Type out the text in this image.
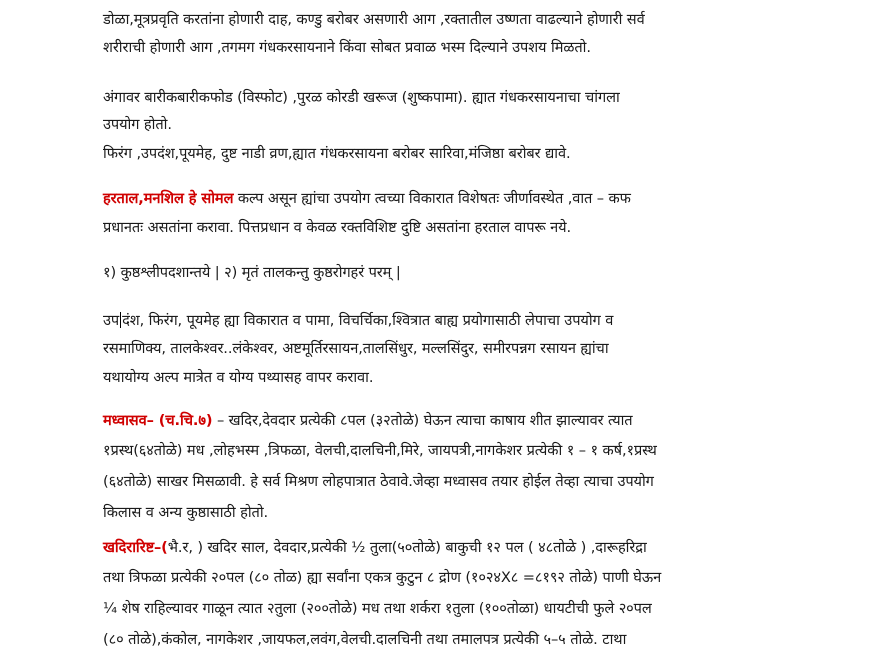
डोळा,मूत्रप्रवृति करतांना होणारी दाह, कण्डु बरोबर असणारी आग ,रक्तातील उष्णता वाढल्याने होणारी सर्व
शरीराची होणारी आग ,तगमग गंधकरसायनाने किंवा सोबत प्रवाळ भस्म दिल्याने उपशय मिळतो.
अंगावर बारीकबारीकफोड (विस्फोट) ,पुरळ कोरडी खरूज (शुष्कपामा). ह्यात गंधकरसायनाचा चांगला
उपयोग होतो.
फिरंग ,उपदंश,पूयमेह, दुष्ट नाडी व्रण,ह्यात गंधकरसायना बरोबर सारिवा,मंजिष्ठा बरोबर द्यावे.
हरताल,मनशिल हे सोमल कल्प असून ह्यांचा उपयोग त्वच्या विकारात विशेषतः जीर्णावस्थेत ,वात – कफ
प्रधानतः असतांना करावा. पित्तप्रधान व केवळ रक्तविशिष्ट दुष्टि असतांना हरताल वापरू नये.
१) कुष्ठश्लीपदशान्तये | २) मृतं तालकन्तु कुष्ठरोगहरं परम् |
उप दंश, फिरंग, पूयमेह ह्या विकारात व पामा, विचर्चिका,श्वित्रात बाह्य प्रयोगासाठी लेपाचा उपयोग व
रसमाणिक्य, तालकेश्वर..लंकेश्वर, अष्टमूर्तिरसायन,तालसिंधुर, मल्लसिंदुर, समीरपन्नग रसायन ह्यांचा
यथायोग्य अल्प मात्रेत व योग्य पथ्यासह वापर करावा.
मध्वासव– (च.चि.७) – खदिर,देवदार प्रत्येकी ८पल (३२तोळे) घेऊन त्याचा काषाय शीत झाल्यावर त्यात
१प्रस्थ(६४तोळे) मध ,लोहभस्म ,त्रिफळा, वेलची,दालचिनी,मिरे, जायपत्री,नागकेशर प्रत्येकी १ – १ कर्ष,१प्रस्थ
(६४तोळे) साखर मिसळावी. हे सर्व मिश्रण लोहपात्रात ठेवावे.जेव्हा मध्वासव तयार होईल तेव्हा त्याचा उपयोग
किलास व अन्य कुष्ठासाठी होतो.
खदिरारिष्ट–(भै.र, ) खदिर साल, देवदार,प्रत्येकी ½ तुला(५०तोळे) बाकुची १२ पल ( ४८तोळे ) ,दारूहरिद्रा
तथा त्रिफळा प्रत्येकी २०पल (८० तोळ) ह्या सर्वांना एकत्र कुटुन ८ द्रोण (१०२४X८ =८१९२ तोळे) पाणी घेऊन
¼ शेष राहिल्यावर गाळून त्यात २तुला (२००तोळे) मध तथा शर्करा १तुला (१००तोळा) धायटीची फुले २०पल
(८० तोळे),कंकोल, नागकेशर ,जायफल,लवंग,वेलची.दालचिनी तथा तमालपत्र प्रत्येकी ५–५ तोळे. टाथा
